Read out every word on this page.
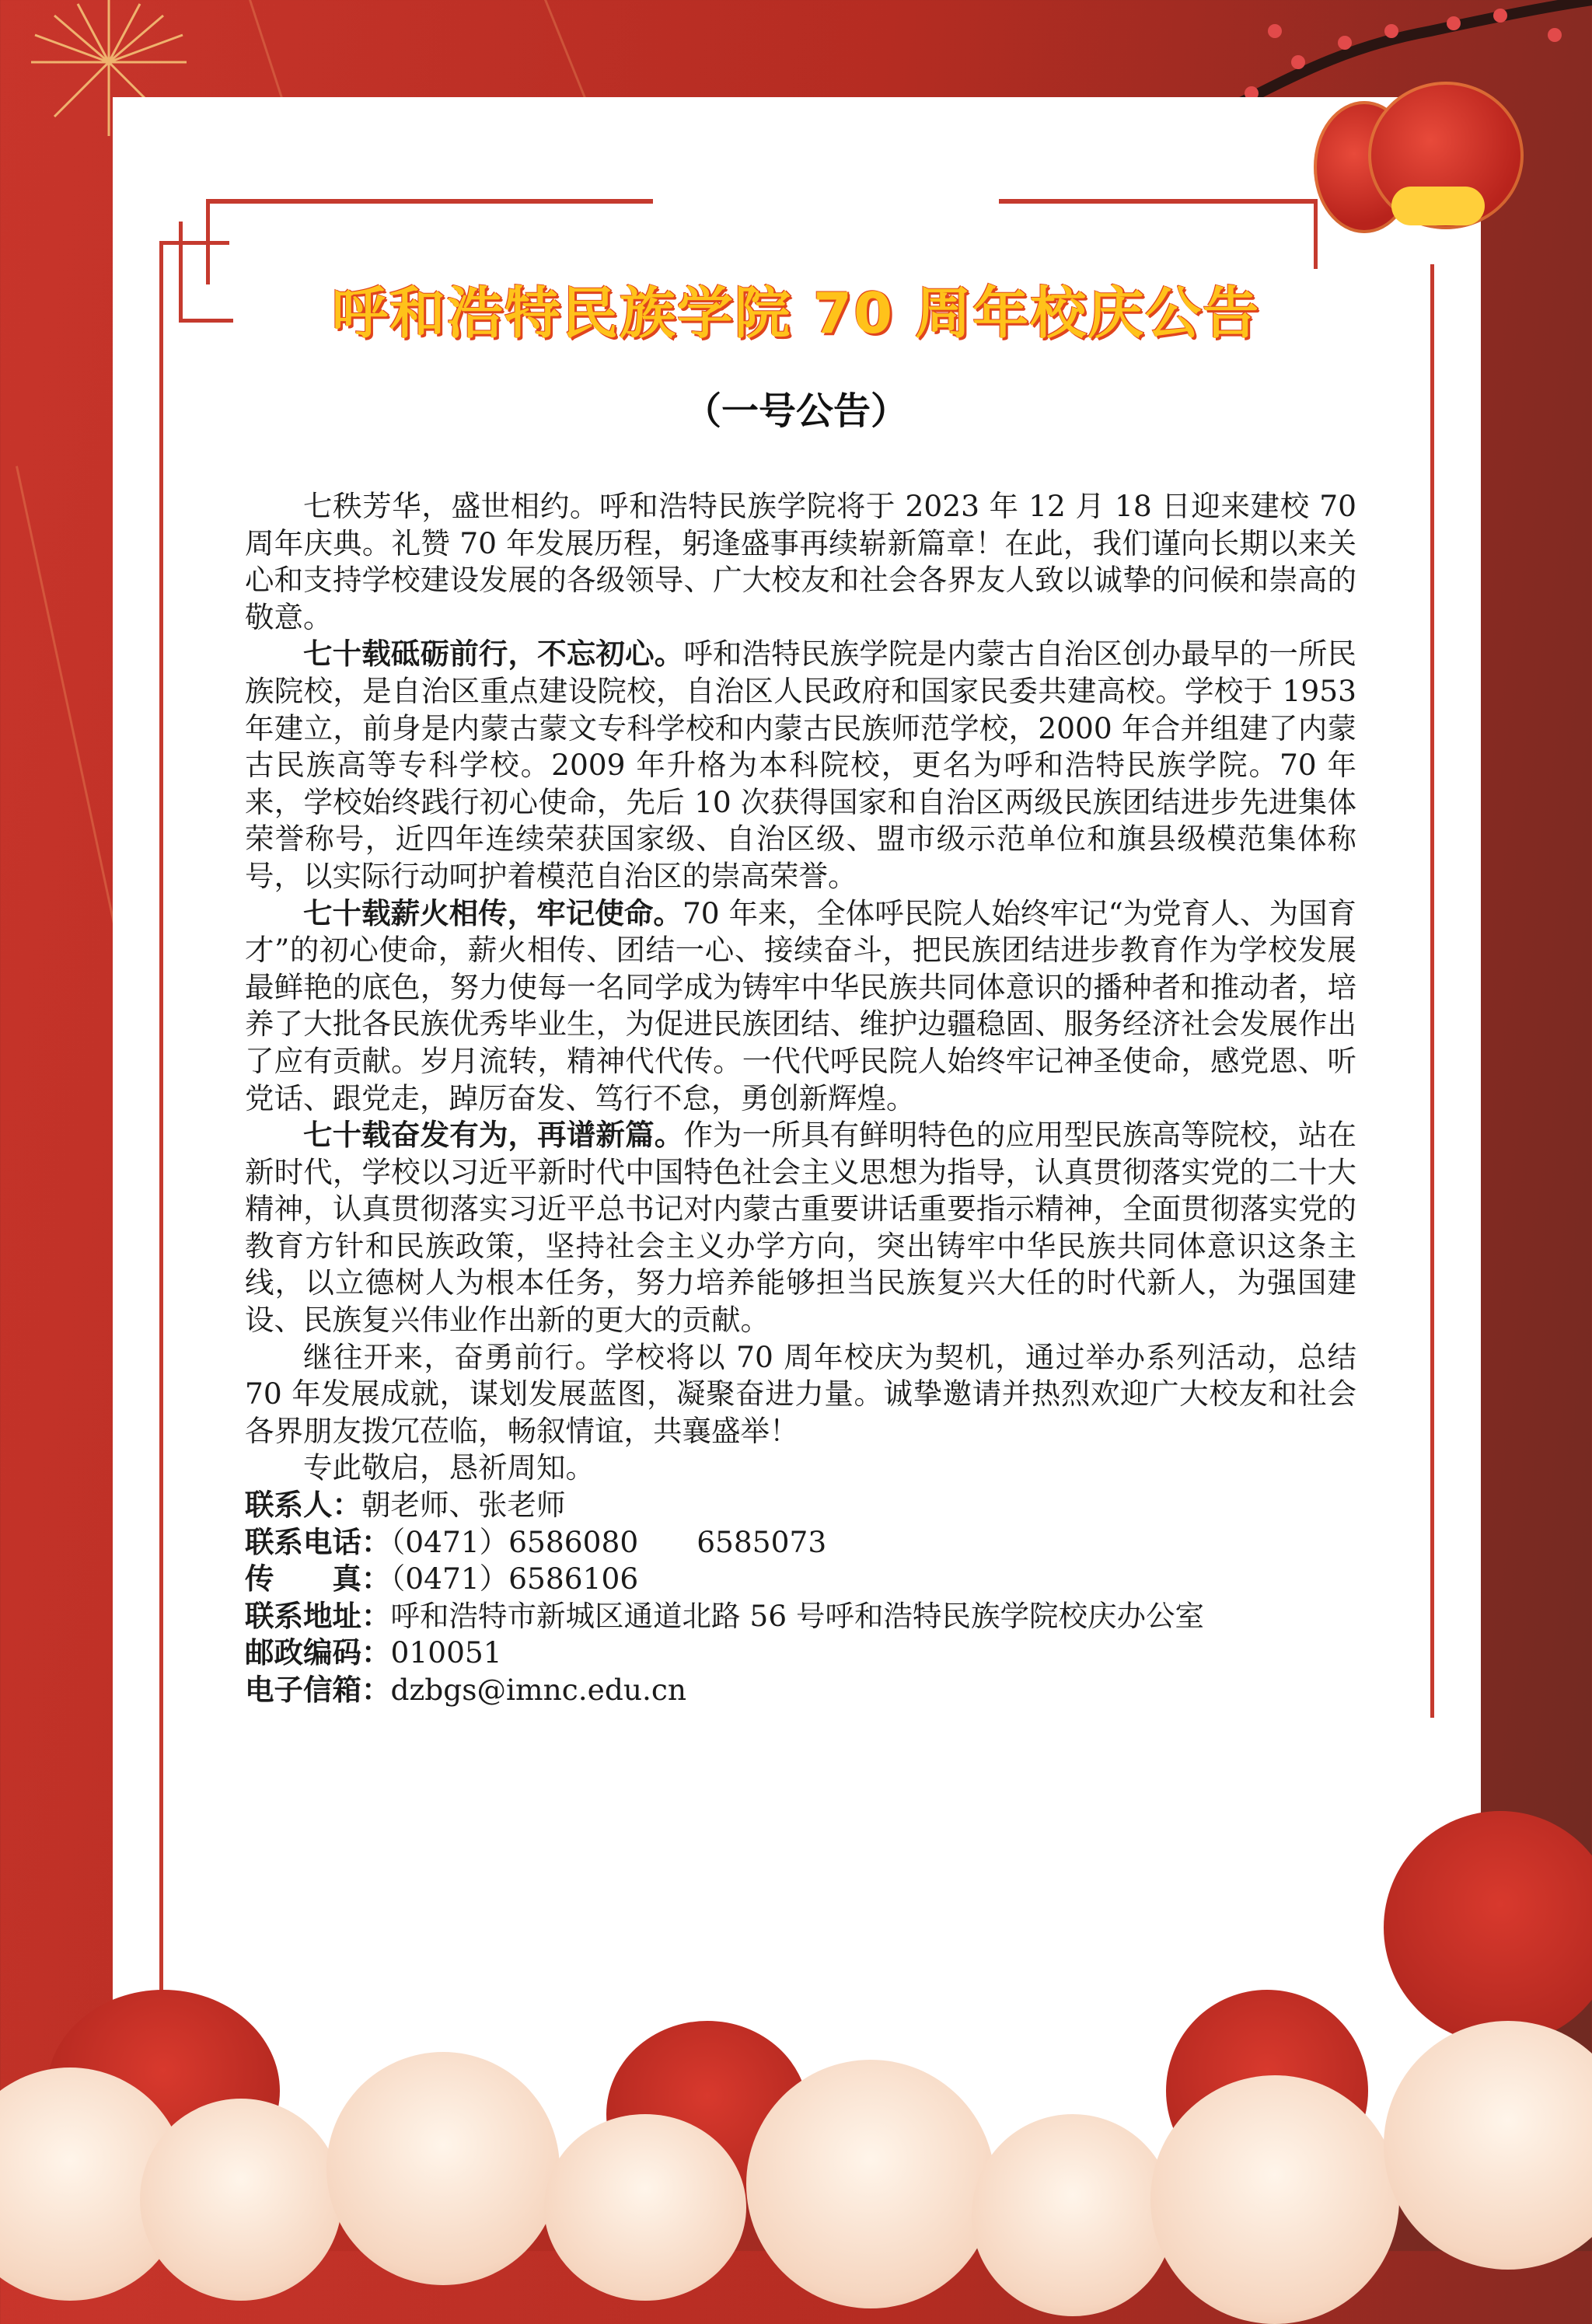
呼和浩特民族学院 70 周年校庆公告
（一号公告）

七秩芳华，盛世相约。呼和浩特民族学院将于 2023 年 12 月 18 日迎来建校 70 周年庆典。礼赞 70 年发展历程，躬逢盛事再续崭新篇章！在此，我们谨向长期以来关心和支持学校建设发展的各级领导、广大校友和社会各界友人致以诚挚的问候和崇高的敬意。

七十载砥砺前行，不忘初心。呼和浩特民族学院是内蒙古自治区创办最早的一所民族院校，是自治区重点建设院校，自治区人民政府和国家民委共建高校。学校于 1953 年建立，前身是内蒙古蒙文专科学校和内蒙古民族师范学校，2000 年合并组建了内蒙古民族高等专科学校。2009 年升格为本科院校，更名为呼和浩特民族学院。70 年来，学校始终践行初心使命，先后 10 次获得国家和自治区两级民族团结进步先进集体荣誉称号，近四年连续荣获国家级、自治区级、盟市级示范单位和旗县级模范集体称号，以实际行动呵护着模范自治区的崇高荣誉。

七十载薪火相传，牢记使命。70 年来，全体呼民院人始终牢记“为党育人、为国育才”的初心使命，薪火相传、团结一心、接续奋斗，把民族团结进步教育作为学校发展最鲜艳的底色，努力使每一名同学成为铸牢中华民族共同体意识的播种者和推动者，培养了大批各民族优秀毕业生，为促进民族团结、维护边疆稳固、服务经济社会发展作出了应有贡献。岁月流转，精神代代传。一代代呼民院人始终牢记神圣使命，感党恩、听党话、跟党走，踔厉奋发、笃行不怠，勇创新辉煌。

七十载奋发有为，再谱新篇。作为一所具有鲜明特色的应用型民族高等院校，站在新时代，学校以习近平新时代中国特色社会主义思想为指导，认真贯彻落实党的二十大精神，认真贯彻落实习近平总书记对内蒙古重要讲话重要指示精神，全面贯彻落实党的教育方针和民族政策，坚持社会主义办学方向，突出铸牢中华民族共同体意识这条主线，以立德树人为根本任务，努力培养能够担当民族复兴大任的时代新人，为强国建设、民族复兴伟业作出新的更大的贡献。

继往开来，奋勇前行。学校将以 70 周年校庆为契机，通过举办系列活动，总结 70 年发展成就，谋划发展蓝图，凝聚奋进力量。诚挚邀请并热烈欢迎广大校友和社会各界朋友拨冗莅临，畅叙情谊，共襄盛举！

专此敬启，恳祈周知。

联系人：朝老师、张老师
联系电话：（0471）6586080　　6585073
传　　真：（0471）6586106
联系地址：呼和浩特市新城区通道北路 56 号呼和浩特民族学院校庆办公室
邮政编码：010051
电子信箱：dzbgs@imnc.edu.cn
